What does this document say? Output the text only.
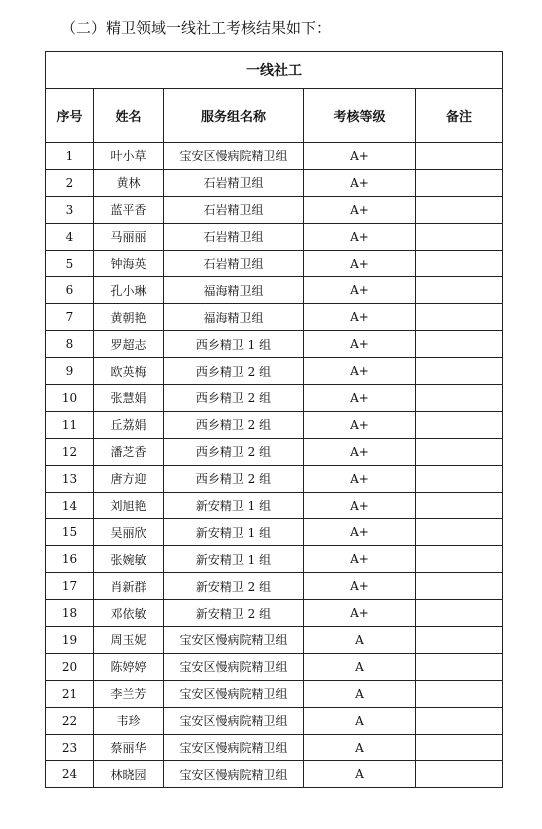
（二）精卫领域一线社工考核结果如下：
一线社工				
序号	姓名	服务组名称	考核等级	备注
1	叶小草	宝安区慢病院精卫组	A+	
2	黄林	石岩精卫组	A+	
3	蓝平香	石岩精卫组	A+	
4	马丽丽	石岩精卫组	A+	
5	钟海英	石岩精卫组	A+	
6	孔小琳	福海精卫组	A+	
7	黄朝艳	福海精卫组	A+	
8	罗超志	西乡精卫 1 组	A+	
9	欧英梅	西乡精卫 2 组	A+	
10	张慧娟	西乡精卫 2 组	A+	
11	丘荔娟	西乡精卫 2 组	A+	
12	潘芝香	西乡精卫 2 组	A+	
13	唐方迎	西乡精卫 2 组	A+	
14	刘旭艳	新安精卫 1 组	A+	
15	吴丽欣	新安精卫 1 组	A+	
16	张婉敏	新安精卫 1 组	A+	
17	肖新群	新安精卫 2 组	A+	
18	邓依敏	新安精卫 2 组	A+	
19	周玉妮	宝安区慢病院精卫组	A	
20	陈婷婷	宝安区慢病院精卫组	A	
21	李兰芳	宝安区慢病院精卫组	A	
22	韦珍	宝安区慢病院精卫组	A	
23	蔡丽华	宝安区慢病院精卫组	A	
24	林晓园	宝安区慢病院精卫组	A	
